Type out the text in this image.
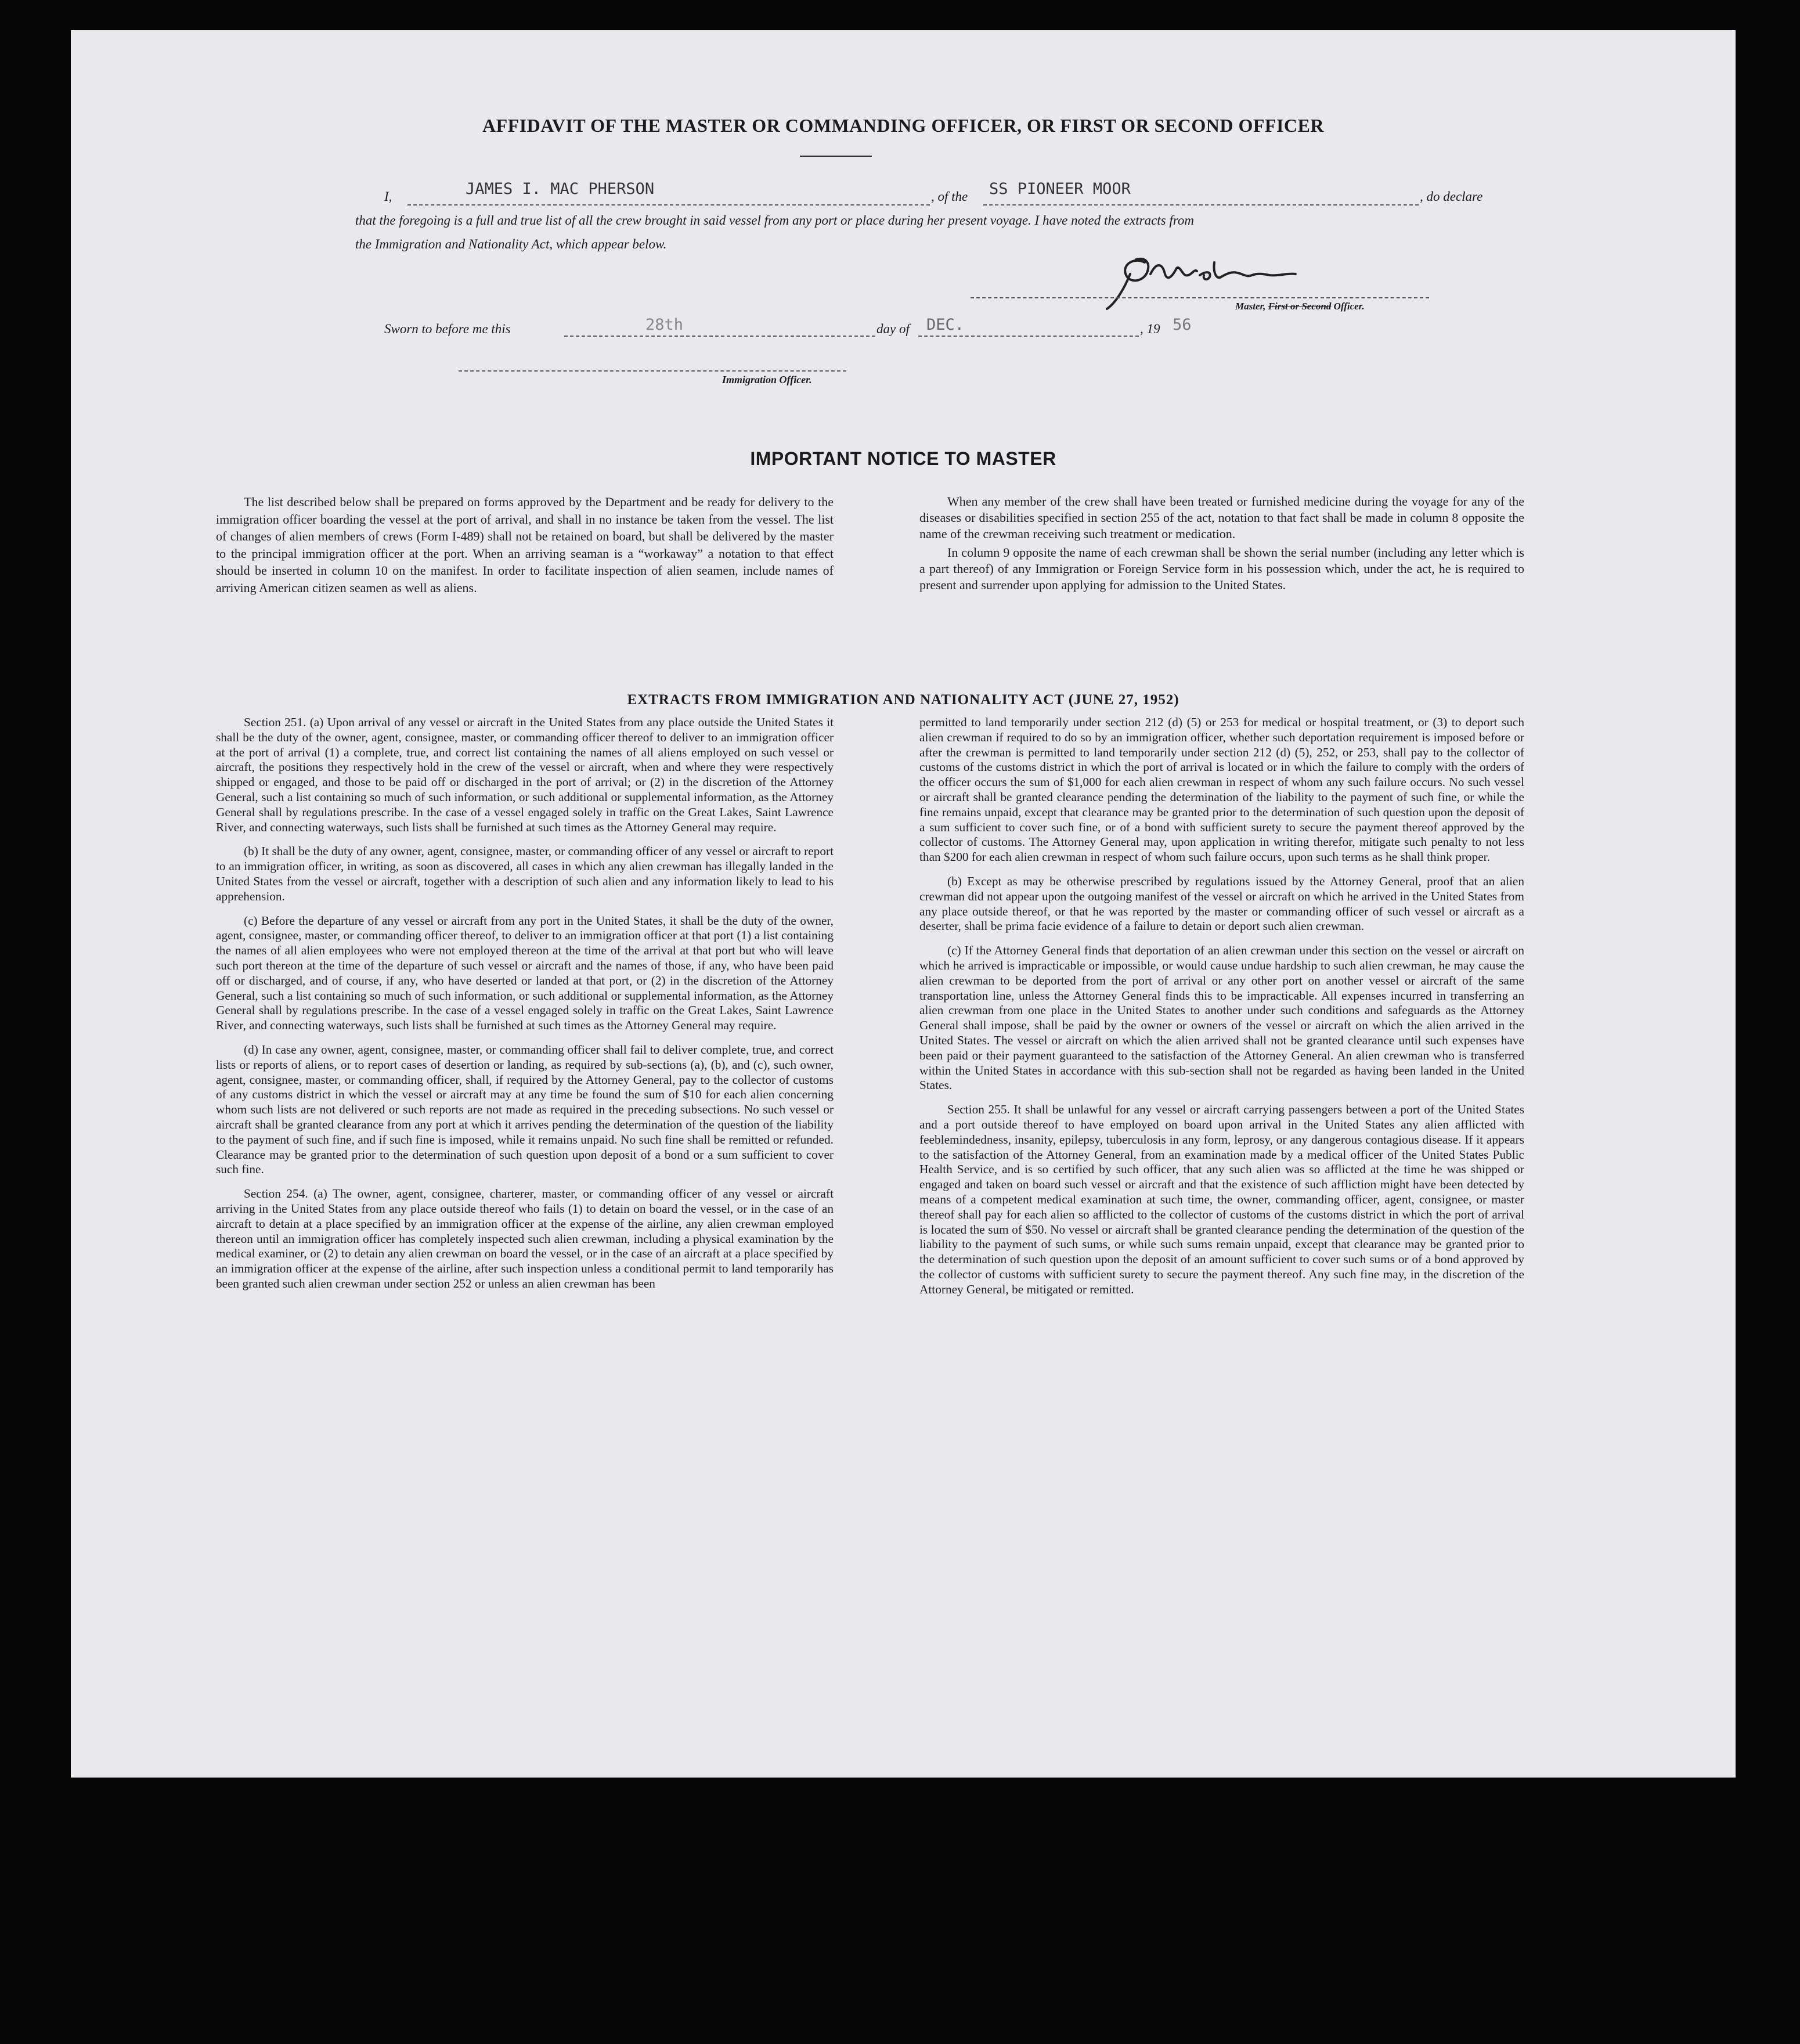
AFFIDAVIT OF THE MASTER OR COMMANDING OFFICER, OR FIRST OR SECOND OFFICER
I,	JAMES I. MAC PHERSON	, of the SS PIONEER MOOR	, do declare
that the foregoing is a full and true list of all the crew brought in said vessel from any port or place during her present voyage. I have noted the extracts from
the Immigration and Nationality Act, which appear below.
Master, First or Second Officer.
Sworn to before me this	28th	day of DEC.	, 19 56
Immigration Officer.
IMPORTANT NOTICE TO MASTER

The list described below shall be prepared on forms approved by the Department and be ready for delivery to the immigration officer boarding the vessel at the port of arrival, and shall in no instance be taken from the vessel. The list of changes of alien members of crews (Form I-489) shall not be retained on board, but shall be delivered by the master to the principal immigration officer at the port. When an arriving seaman is a “workaway” a notation to that effect should be inserted in column 10 on the manifest. In order to facilitate inspection of alien seamen, include names of arriving American citizen seamen as well as aliens.

When any member of the crew shall have been treated or furnished medicine during the voyage for any of the diseases or disabilities specified in section 255 of the act, notation to that fact shall be made in column 8 opposite the name of the crewman receiving such treatment or medication.

In column 9 opposite the name of each crewman shall be shown the serial number (including any letter which is a part thereof) of any Immigration or Foreign Service form in his possession which, under the act, he is required to present and surrender upon applying for admission to the United States.

EXTRACTS FROM IMMIGRATION AND NATIONALITY ACT (JUNE 27, 1952)

Section 251. (a) Upon arrival of any vessel or aircraft in the United States from any place outside the United States it shall be the duty of the owner, agent, consignee, master, or commanding officer thereof to deliver to an immigration officer at the port of arrival (1) a complete, true, and correct list containing the names of all aliens employed on such vessel or aircraft, the positions they respectively hold in the crew of the vessel or aircraft, when and where they were respectively shipped or engaged, and those to be paid off or discharged in the port of arrival; or (2) in the discretion of the Attorney General, such a list containing so much of such information, or such additional or supplemental information, as the Attorney General shall by regulations prescribe. In the case of a vessel engaged solely in traffic on the Great Lakes, Saint Lawrence River, and connecting waterways, such lists shall be furnished at such times as the Attorney General may require.

(b) It shall be the duty of any owner, agent, consignee, master, or commanding officer of any vessel or aircraft to report to an immigration officer, in writing, as soon as discovered, all cases in which any alien crewman has illegally landed in the United States from the vessel or aircraft, together with a description of such alien and any information likely to lead to his apprehension.

(c) Before the departure of any vessel or aircraft from any port in the United States, it shall be the duty of the owner, agent, consignee, master, or commanding officer thereof, to deliver to an immigration officer at that port (1) a list containing the names of all alien employees who were not employed thereon at the time of the arrival at that port but who will leave such port thereon at the time of the departure of such vessel or aircraft and the names of those, if any, who have been paid off or discharged, and of course, if any, who have deserted or landed at that port, or (2) in the discretion of the Attorney General, such a list containing so much of such information, or such additional or supplemental information, as the Attorney General shall by regulations prescribe. In the case of a vessel engaged solely in traffic on the Great Lakes, Saint Lawrence River, and connecting waterways, such lists shall be furnished at such times as the Attorney General may require.

(d) In case any owner, agent, consignee, master, or commanding officer shall fail to deliver complete, true, and correct lists or reports of aliens, or to report cases of desertion or landing, as required by sub-sections (a), (b), and (c), such owner, agent, consignee, master, or commanding officer, shall, if required by the Attorney General, pay to the collector of customs of any customs district in which the vessel or aircraft may at any time be found the sum of $10 for each alien concerning whom such lists are not delivered or such reports are not made as required in the preceding subsections. No such vessel or aircraft shall be granted clearance from any port at which it arrives pending the determination of the question of the liability to the payment of such fine, and if such fine is imposed, while it remains unpaid. No such fine shall be remitted or refunded. Clearance may be granted prior to the determination of such question upon deposit of a bond or a sum sufficient to cover such fine.

Section 254. (a) The owner, agent, consignee, charterer, master, or commanding officer of any vessel or aircraft arriving in the United States from any place outside thereof who fails (1) to detain on board the vessel, or in the case of an aircraft to detain at a place specified by an immigration officer at the expense of the airline, any alien crewman employed thereon until an immigration officer has completely inspected such alien crewman, including a physical examination by the medical examiner, or (2) to detain any alien crewman on board the vessel, or in the case of an aircraft at a place specified by an immigration officer at the expense of the airline, after such inspection unless a conditional permit to land temporarily has been granted such alien crewman under section 252 or unless an alien crewman has been

permitted to land temporarily under section 212 (d) (5) or 253 for medical or hospital treatment, or (3) to deport such alien crewman if required to do so by an immigration officer, whether such deportation requirement is imposed before or after the crewman is permitted to land temporarily under section 212 (d) (5), 252, or 253, shall pay to the collector of customs of the customs district in which the port of arrival is located or in which the failure to comply with the orders of the officer occurs the sum of $1,000 for each alien crewman in respect of whom any such failure occurs. No such vessel or aircraft shall be granted clearance pending the determination of the liability to the payment of such fine, or while the fine remains unpaid, except that clearance may be granted prior to the determination of such question upon the deposit of a sum sufficient to cover such fine, or of a bond with sufficient surety to secure the payment thereof approved by the collector of customs. The Attorney General may, upon application in writing therefor, mitigate such penalty to not less than $200 for each alien crewman in respect of whom such failure occurs, upon such terms as he shall think proper.

(b) Except as may be otherwise prescribed by regulations issued by the Attorney General, proof that an alien crewman did not appear upon the outgoing manifest of the vessel or aircraft on which he arrived in the United States from any place outside thereof, or that he was reported by the master or commanding officer of such vessel or aircraft as a deserter, shall be prima facie evidence of a failure to detain or deport such alien crewman.

(c) If the Attorney General finds that deportation of an alien crewman under this section on the vessel or aircraft on which he arrived is impracticable or impossible, or would cause undue hardship to such alien crewman, he may cause the alien crewman to be deported from the port of arrival or any other port on another vessel or aircraft of the same transportation line, unless the Attorney General finds this to be impracticable. All expenses incurred in transferring an alien crewman from one place in the United States to another under such conditions and safeguards as the Attorney General shall impose, shall be paid by the owner or owners of the vessel or aircraft on which the alien arrived in the United States. The vessel or aircraft on which the alien arrived shall not be granted clearance until such expenses have been paid or their payment guaranteed to the satisfaction of the Attorney General. An alien crewman who is transferred within the United States in accordance with this sub-section shall not be regarded as having been landed in the United States.

Section 255. It shall be unlawful for any vessel or aircraft carrying passengers between a port of the United States and a port outside thereof to have employed on board upon arrival in the United States any alien afflicted with feeblemindedness, insanity, epilepsy, tuberculosis in any form, leprosy, or any dangerous contagious disease. If it appears to the satisfaction of the Attorney General, from an examination made by a medical officer of the United States Public Health Service, and is so certified by such officer, that any such alien was so afflicted at the time he was shipped or engaged and taken on board such vessel or aircraft and that the existence of such affliction might have been detected by means of a competent medical examination at such time, the owner, commanding officer, agent, consignee, or master thereof shall pay for each alien so afflicted to the collector of customs of the customs district in which the port of arrival is located the sum of $50. No vessel or aircraft shall be granted clearance pending the determination of the question of the liability to the payment of such sums, or while such sums remain unpaid, except that clearance may be granted prior to the determination of such question upon the deposit of an amount sufficient to cover such sums or of a bond approved by the collector of customs with sufficient surety to secure the payment thereof. Any such fine may, in the discretion of the Attorney General, be mitigated or remitted.
